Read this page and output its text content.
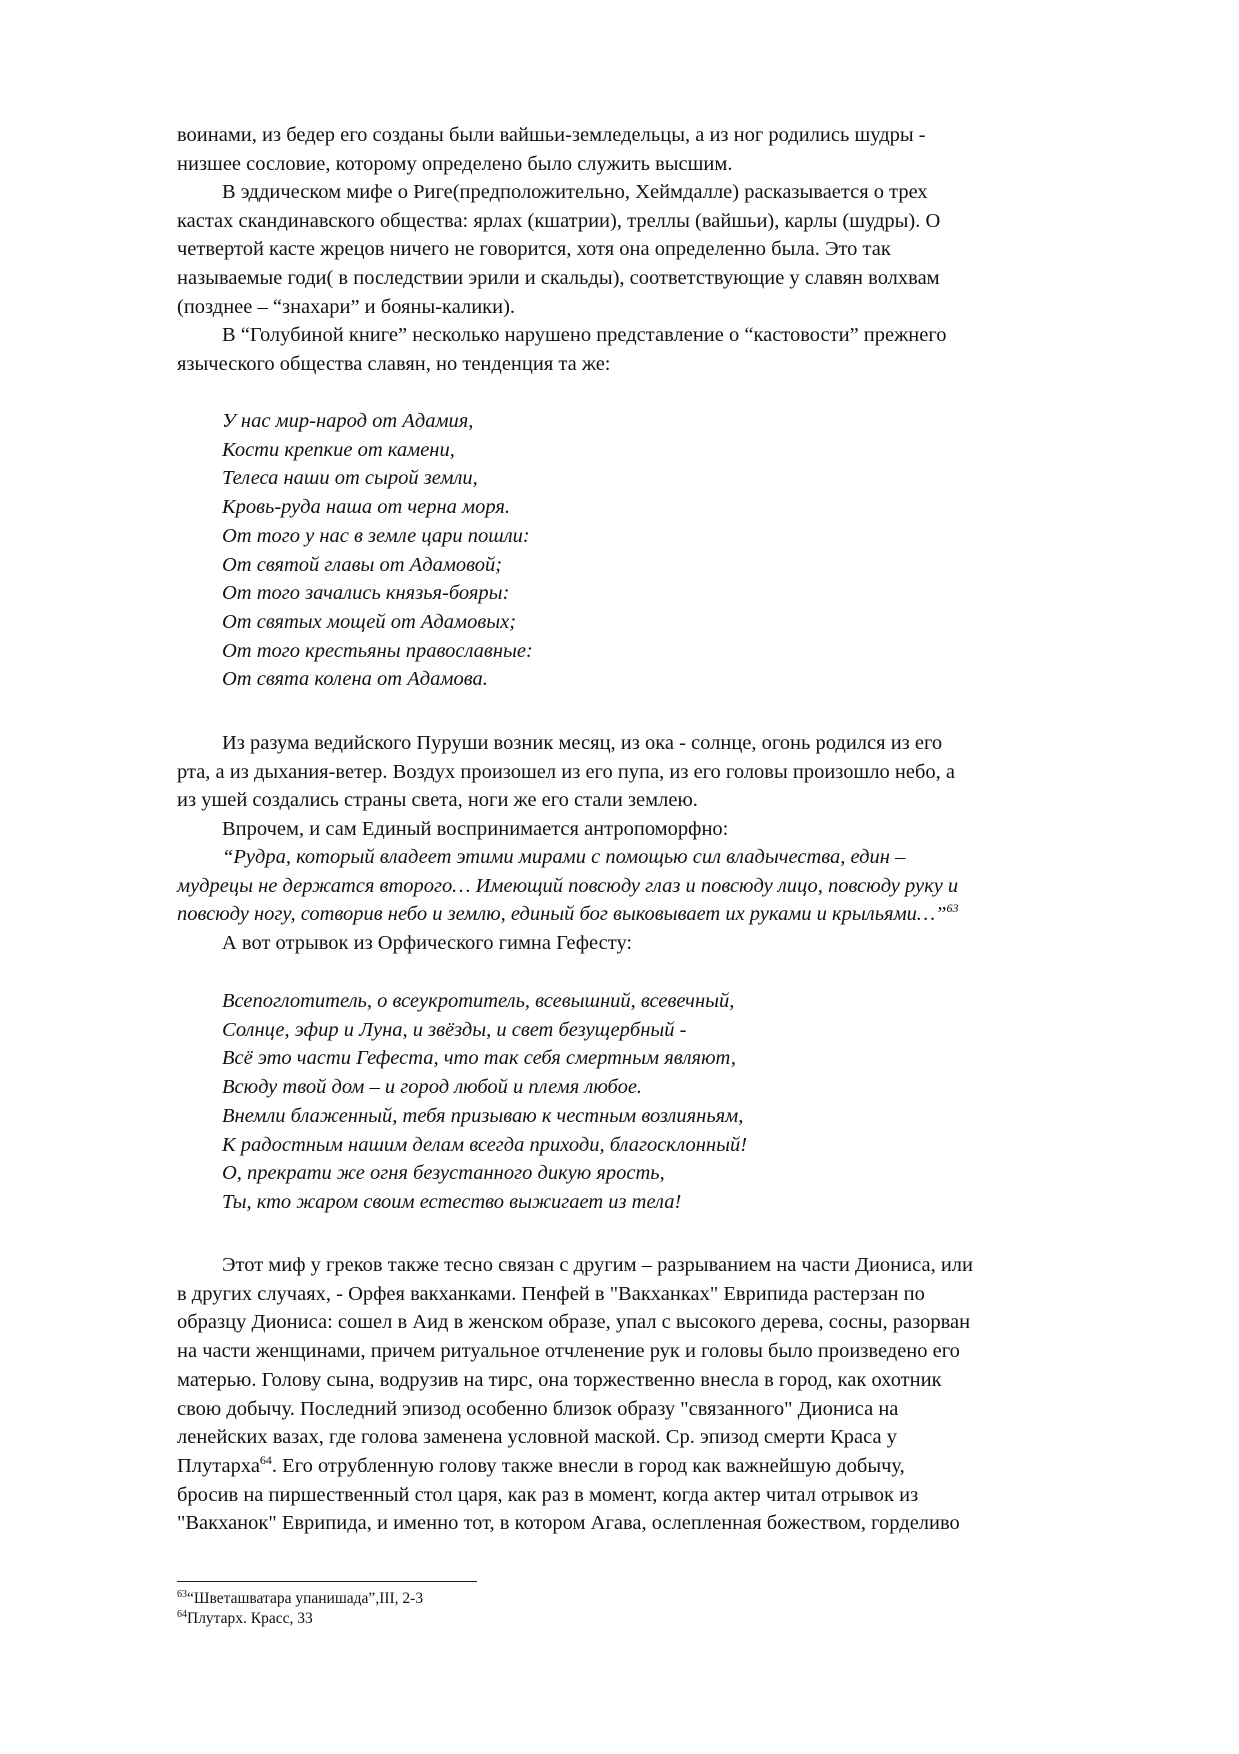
воинами, из бедер его созданы были вайшьи-земледельцы, а из ног родились шудры -

низшее сословие, которому определено было служить высшим.

В эддическом мифе о Риге(предположительно, Хеймдалле) расказывается о трех

кастах скандинавского общества: ярлах (кшатрии), треллы (вайшьи), карлы (шудры). О

четвертой касте жрецов ничего не говорится, хотя она определенно была. Это так

называемые годи( в последствии эрили и скальды), соответствующие у славян волхвам

(позднее – “знахари” и бояны-калики).

В “Голубиной книге” несколько нарушено представление о “кастовости” прежнего

языческого общества славян, но тенденция та же:

У нас мир-народ от Адамия,
Кости крепкие от камени,
Телеса наши от сырой земли,
Кровь-руда наша от черна моря.
От того у нас в земле цари пошли:
От святой главы от Адамовой;
От того зачались князья-бояры:
От святых мощей от Адамовых;
От того крестьяны православные:
От свята колена от Адамова.

Из разума ведийского Пуруши возник месяц, из ока - солнце, огонь родился из его

рта, а из дыхания-ветер. Воздух произошел из его пупа, из его головы произошло небо, а

из ушей создались страны света, ноги же его стали землею.

Впрочем, и сам Единый воспринимается антропоморфно:

“Рудра, который владеет этими мирами с помощью сил владычества, един –

мудрецы не держатся второго… Имеющий повсюду глаз и повсюду лицо, повсюду руку и

повсюду ногу, сотворив небо и землю, единый бог выковывает их руками и крыльями…”$^{63}$

А вот отрывок из Орфического гимна Гефесту:

Всепоглотитель, о всеукротитель, всевышний, всевечный,
Солнце, эфир и Луна, и звёзды, и свет безущербный -
Всё это части Гефеста, что так себя смертным являют,
Всюду твой дом – и город любой и племя любое.
Внемли блаженный, тебя призываю к честным возлияньям,
К радостным нашим делам всегда приходи, благосклонный!
О, прекрати же огня безустанного дикую ярость,
Ты, кто жаром своим естество выжигает из тела!

Этот миф у греков также тесно связан с другим – разрыванием на части Диониса, или

в других случаях, - Орфея вакханками. Пенфей в "Вакханках" Еврипида растерзан по

образцу Диониса: сошел в Аид в женском образе, упал с высокого дерева, сосны, разорван

на части женщинами, причем ритуальное отчленение рук и головы было произведено его

матерью. Голову сына, водрузив на тирс, она торжественно внесла в город, как охотник

свою добычу. Последний эпизод особенно близок образу "связанного" Диониса на

ленейских вазах, где голова заменена условной маской. Ср. эпизод смерти Краса у

Плутарха$^{64}$. Его отрубленную голову также внесли в город как важнейшую добычу,

бросив на пиршественный стол царя, как раз в момент, когда актер читал отрывок из

"Вакханок" Еврипида, и именно тот, в котором Агава, ослепленная божеством, горделиво

$^{63}$“Шветашватара упанишада”,III, 2-3
$^{64}$Плутарх. Красс, 33
